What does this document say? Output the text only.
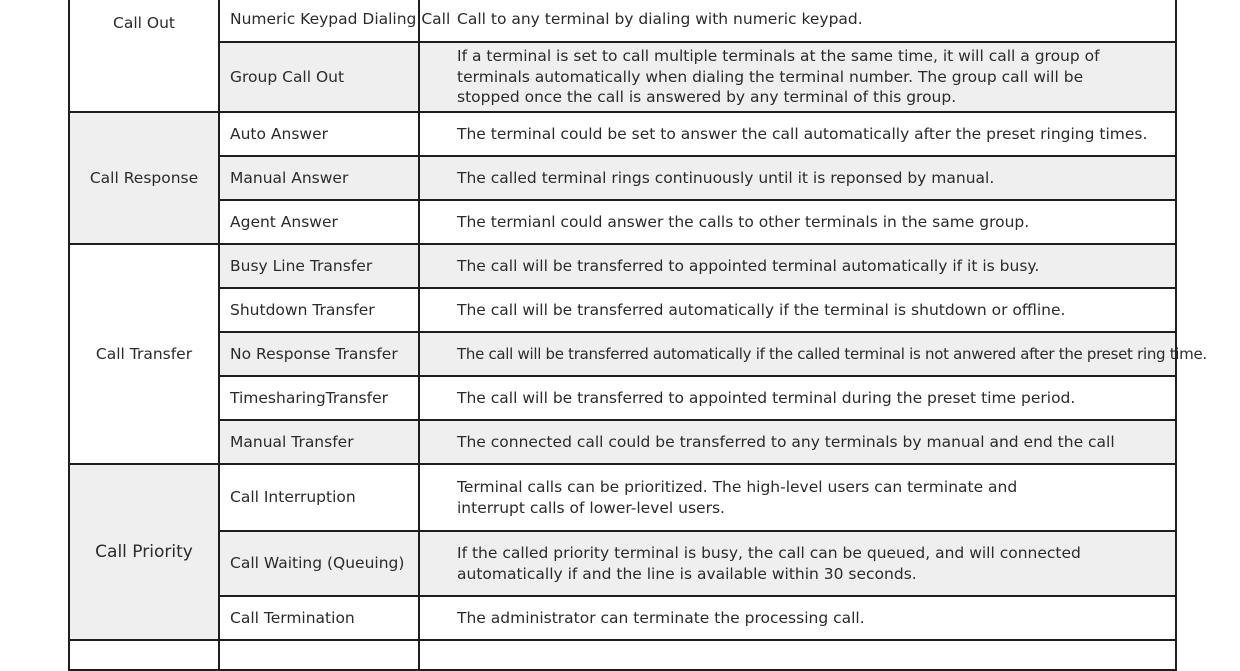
Call Out	Numeric Keypad Dialing Call	Call to any terminal by dialing with numeric keypad.
	Group Call Out	If a terminal is set to call multiple terminals at the same time, it will call a group of terminals automatically when dialing the terminal number. The group call will be stopped once the call is answered by any terminal of this group.
Call Response	Auto Answer	The terminal could be set to answer the call automatically after the preset ringing times.
	Manual Answer	The called terminal rings continuously until it is reponsed by manual.
	Agent Answer	The termianl could answer the calls to other terminals in the same group.
Call Transfer	Busy Line Transfer	The call will be transferred to appointed terminal automatically if it is busy.
	Shutdown Transfer	The call will be transferred automatically if the terminal is shutdown or offline.
	No Response Transfer	The call will be transferred automatically if the called terminal is not anwered after the preset ring time.
	TimesharingTransfer	The call will be transferred to appointed terminal during the preset time period.
	Manual Transfer	The connected call could be transferred to any terminals by manual and end the call
Call Priority	Call Interruption	Terminal calls can be prioritized. The high-level users can terminate and interrupt calls of lower-level users.
	Call Waiting (Queuing)	If the called priority terminal is busy, the call can be queued, and will connected automatically if and the line is available within 30 seconds.
	Call Termination	The administrator can terminate the processing call.
